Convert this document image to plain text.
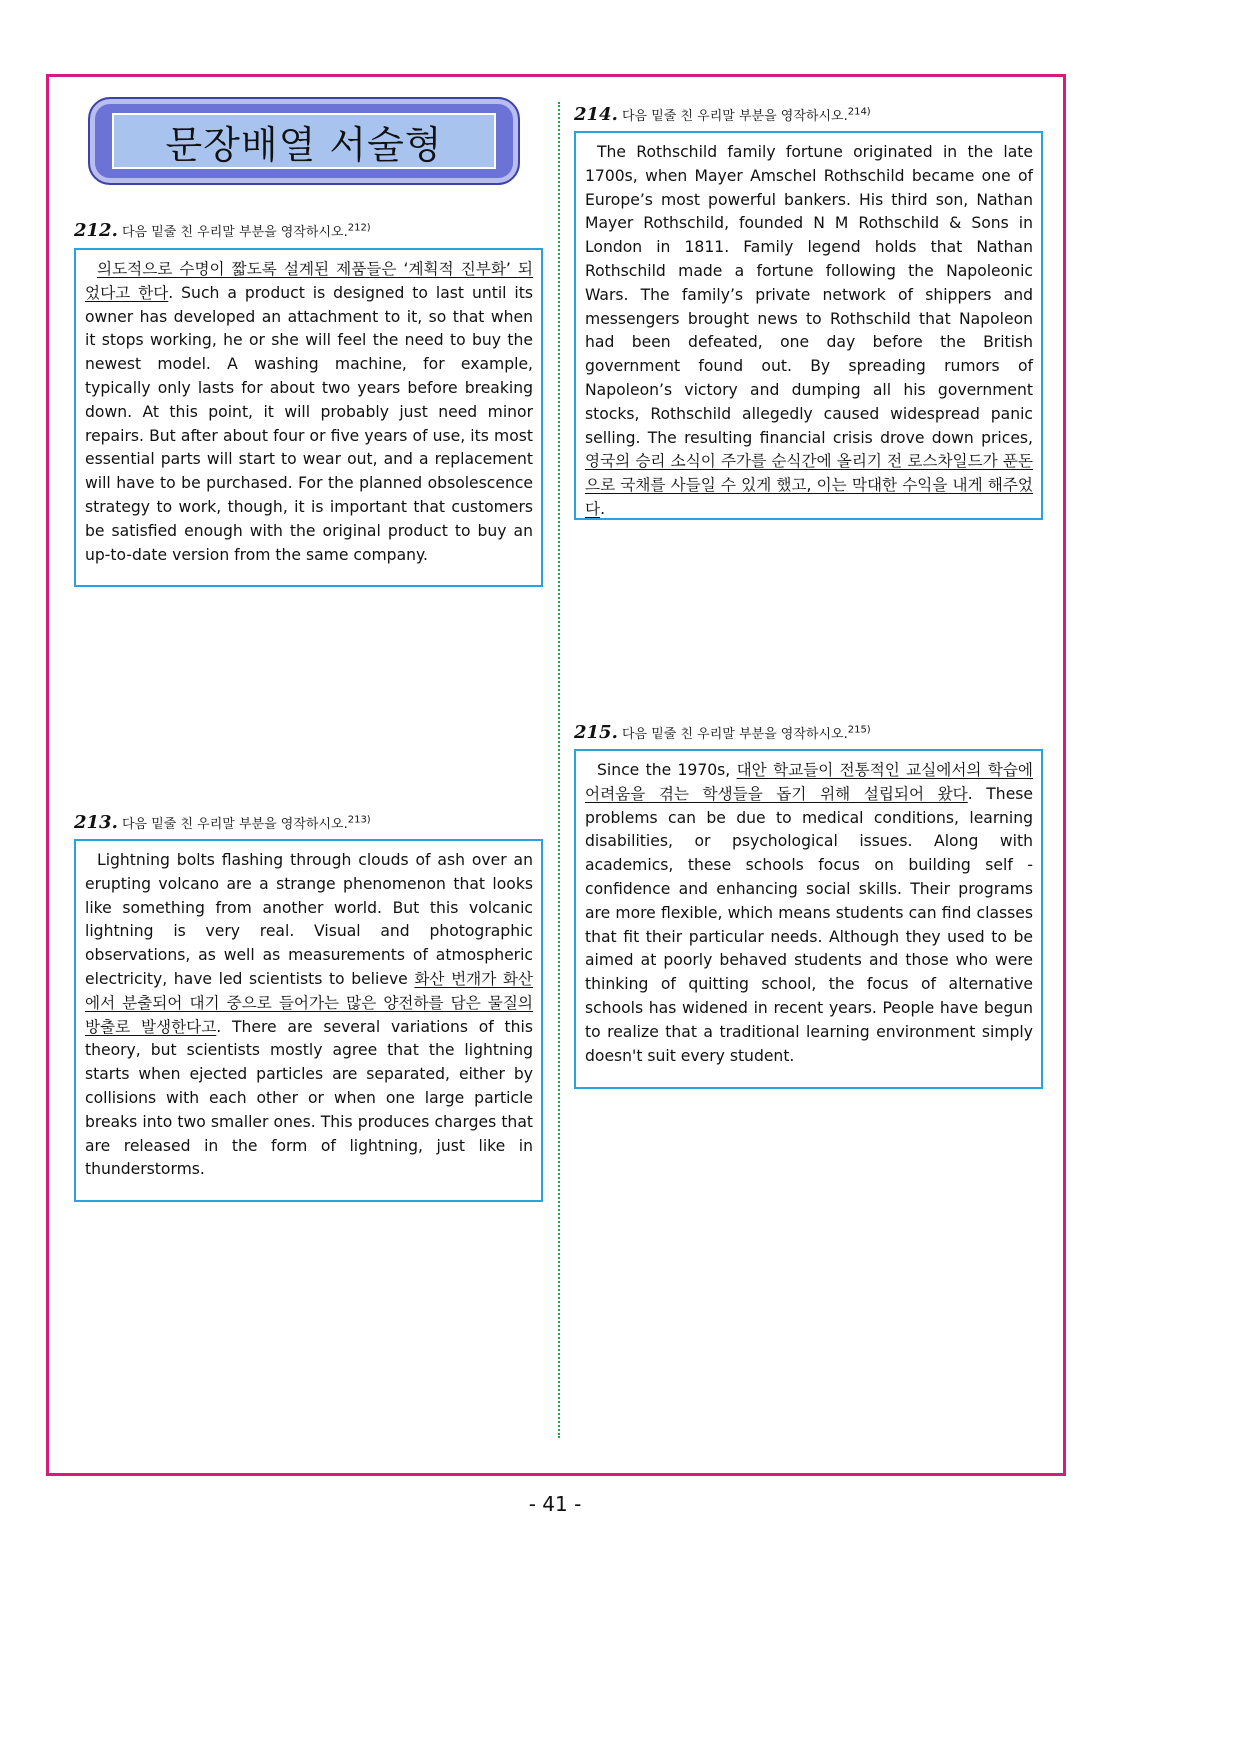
문장배열 서술형
212. 다음 밑줄 친 우리말 부분을 영작하시오.$^{212)}$

의도적으로 수명이 짧도록 설계된 제품들은 ‘계획적 진부화’ 되었다고 한다. Such a product is designed to last until its owner has developed an attachment to it, so that when it stops working, he or she will feel the need to buy the newest model. A washing machine, for example, typically only lasts for about two years before breaking down. At this point, it will probably just need minor repairs. But after about four or five years of use, its most essential parts will start to wear out, and a replacement will have to be purchased. For the planned obsolescence strategy to work, though, it is important that customers be satisfied enough with the original product to buy an up-to-date version from the same company.

213. 다음 밑줄 친 우리말 부분을 영작하시오.$^{213)}$

Lightning bolts flashing through clouds of ash over an erupting volcano are a strange phenomenon that looks like something from another world. But this volcanic lightning is very real. Visual and photographic observations, as well as measurements of atmospheric electricity, have led scientists to believe 화산 번개가 화산에서 분출되어 대기 중으로 들어가는 많은 양전하를 담은 물질의 방출로 발생한다고. There are several variations of this theory, but scientists mostly agree that the lightning starts when ejected particles are separated, either by collisions with each other or when one large particle breaks into two smaller ones. This produces charges that are released in the form of lightning, just like in thunderstorms.

214. 다음 밑줄 친 우리말 부분을 영작하시오.$^{214)}$

The Rothschild family fortune originated in the late 1700s, when Mayer Amschel Rothschild became one of Europe’s most powerful bankers. His third son, Nathan Mayer Rothschild, founded N M Rothschild & Sons in London in 1811. Family legend holds that Nathan Rothschild made a fortune following the Napoleonic Wars. The family’s private network of shippers and messengers brought news to Rothschild that Napoleon had been defeated, one day before the British government found out. By spreading rumors of Napoleon’s victory and dumping all his government stocks, Rothschild allegedly caused widespread panic selling. The resulting financial crisis drove down prices, 영국의 승리 소식이 주가를 순식간에 올리기 전 로스차일드가 푼돈으로 국채를 사들일 수 있게 했고, 이는 막대한 수익을 내게 해주었다.

215. 다음 밑줄 친 우리말 부분을 영작하시오.$^{215)}$

Since the 1970s, 대안 학교들이 전통적인 교실에서의 학습에 어려움을 겪는 학생들을 돕기 위해 설립되어 왔다. These problems can be due to medical conditions, learning disabilities, or psychological issues. Along with academics, these schools focus on building self - confidence and enhancing social skills. Their programs are more flexible, which means students can find classes that fit their particular needs. Although they used to be aimed at poorly behaved students and those who were thinking of quitting school, the focus of alternative schools has widened in recent years. People have begun to realize that a traditional learning environment simply doesn't suit every student.

- 41 -
